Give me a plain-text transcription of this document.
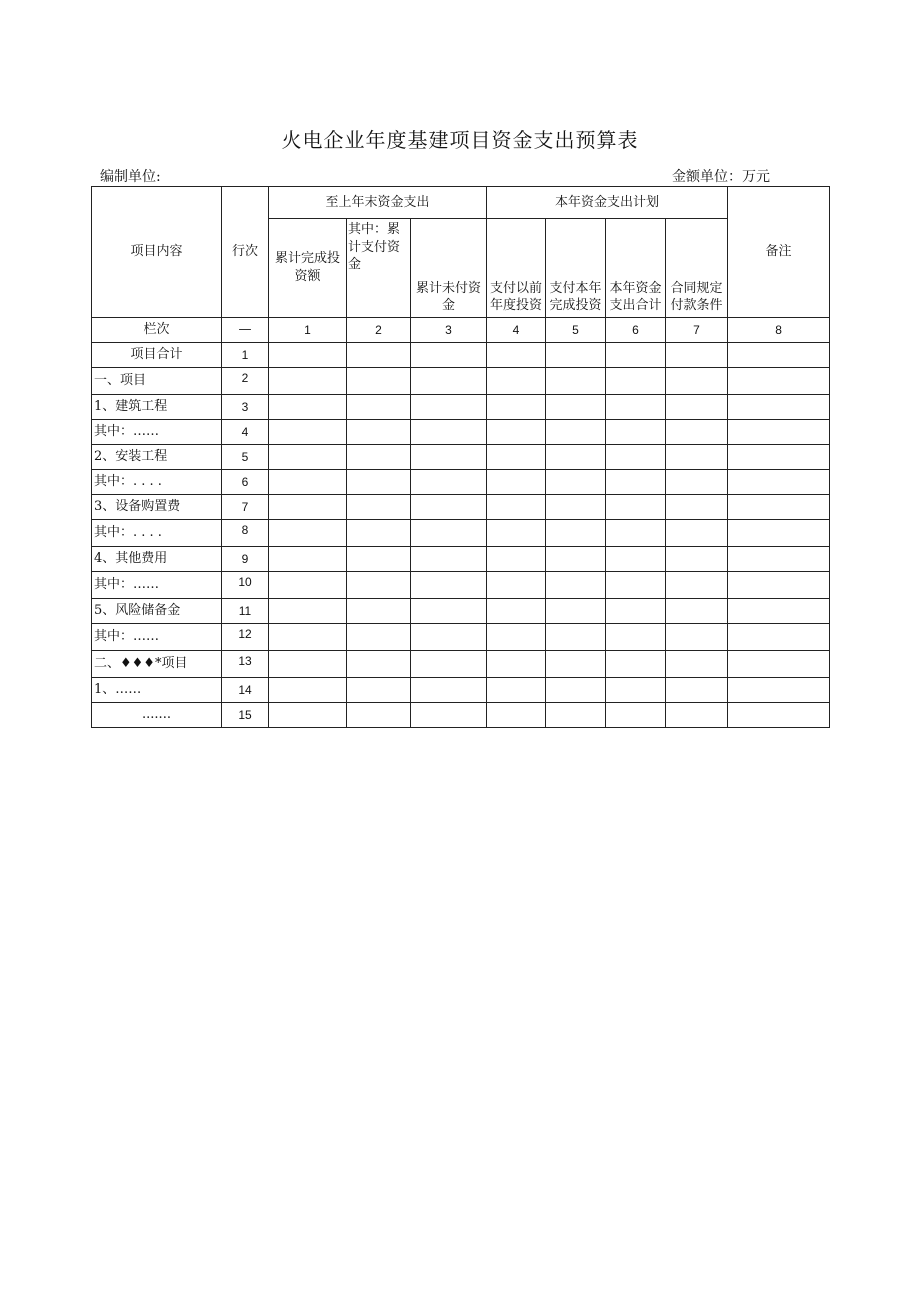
火电企业年度基建项目资金支出预算表
编制单位:	金额单位：万元
项目内容	行次	至上年末资金支出			本年资金支出计划				备注

		累计完成投资额	其中：累计支付资金	累计未付资金	支付以前年度投资	支付本年完成投资	本年资金支出合计	合同规定付款条件	

栏次	—	1	2	3	4	5	6	7	8
项目合计	1								
一、项目	2								
1、建筑工程	3								
其中：……	4								
2、安装工程	5								
其中：. . . .	6								
3、设备购置费	7								
其中：. . . .	8								
4、其他费用	9								
其中：……	10								
5、风险储备金	11								
其中：……	12								
二、♦♦♦*项目	13								
1、……	14								
.......	15								
